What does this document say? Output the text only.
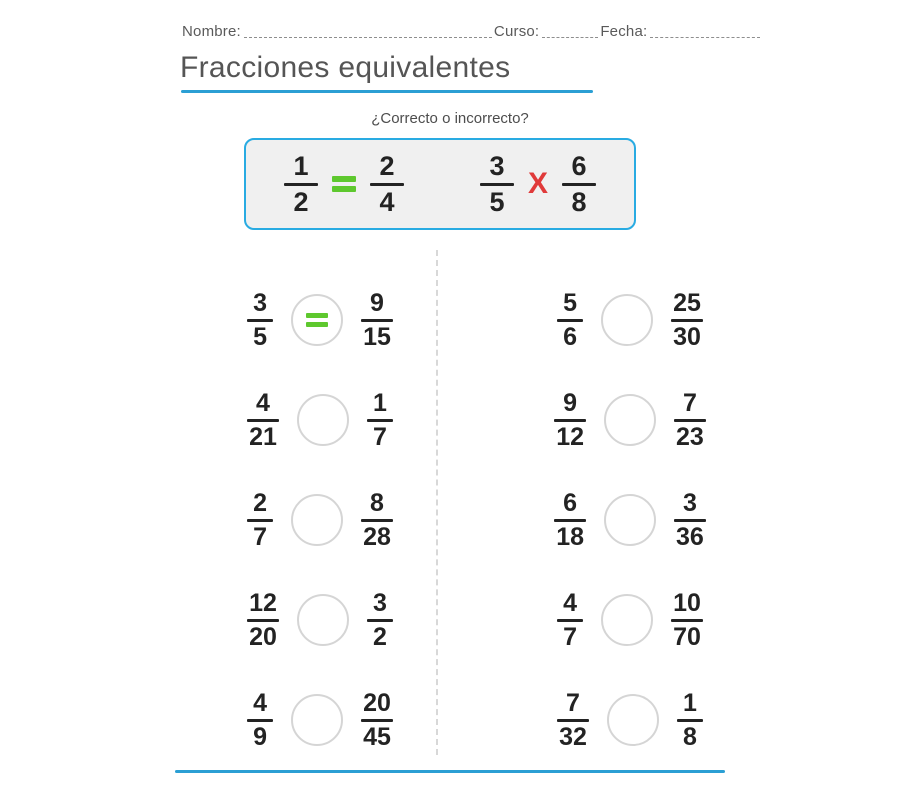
Nombre:	Curso:	Fecha:
Fracciones equivalentes
¿Correcto o incorrecto?
$\frac{1}{2} \frac{2}{4}$	$\frac{3}{5}$ X $\frac{6}{8}$
$\frac{3}{5}$	$\frac{9}{15}$
$\frac{4}{21}$	$\frac{1}{7}$
$\frac{2}{7}$	$\frac{8}{28}$
$\frac{12}{20}$	$\frac{3}{2}$
$\frac{4}{9}$	$\frac{20}{45}$
$\frac{5}{6}$	$\frac{25}{30}$
$\frac{9}{12}$	$\frac{7}{23}$
$\frac{6}{18}$	$\frac{3}{36}$
$\frac{4}{7}$	$\frac{10}{70}$
$\frac{7}{32}$	$\frac{1}{8}$
